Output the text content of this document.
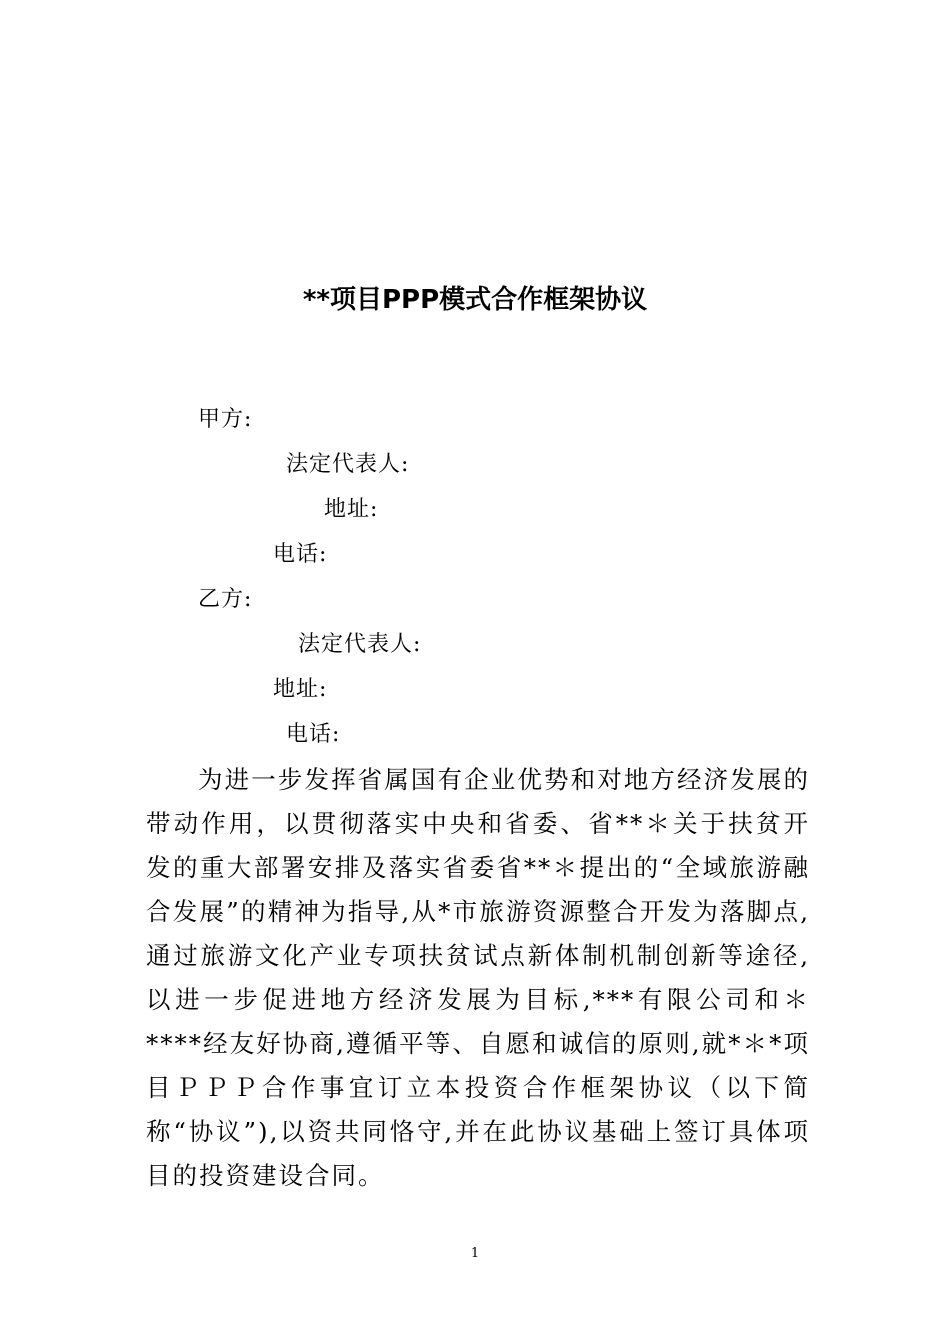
**项目PPP模式合作框架协议
甲方:
法定代表人:
地址:
电话:
乙方:
法定代表人:
地址:
电话:

为进一步发挥省属国有企业优势和对地方经济发展的带动作用，以贯彻落实中央和省委、省**＊关于扶贫开发的重大部署安排及落实省委省**＊提出的“全域旅游融合发展”的精神为指导,从*市旅游资源整合开发为落脚点,通过旅游文化产业专项扶贫试点新体制机制创新等途径,以进一步促进地方经济发展为目标,***有限公司和＊****经友好协商,遵循平等、自愿和诚信的原则,就*＊*项目ＰＰＰ合作事宜订立本投资合作框架协议（以下简称“协议”),以资共同恪守,并在此协议基础上签订具体项目的投资建设合同。

1
